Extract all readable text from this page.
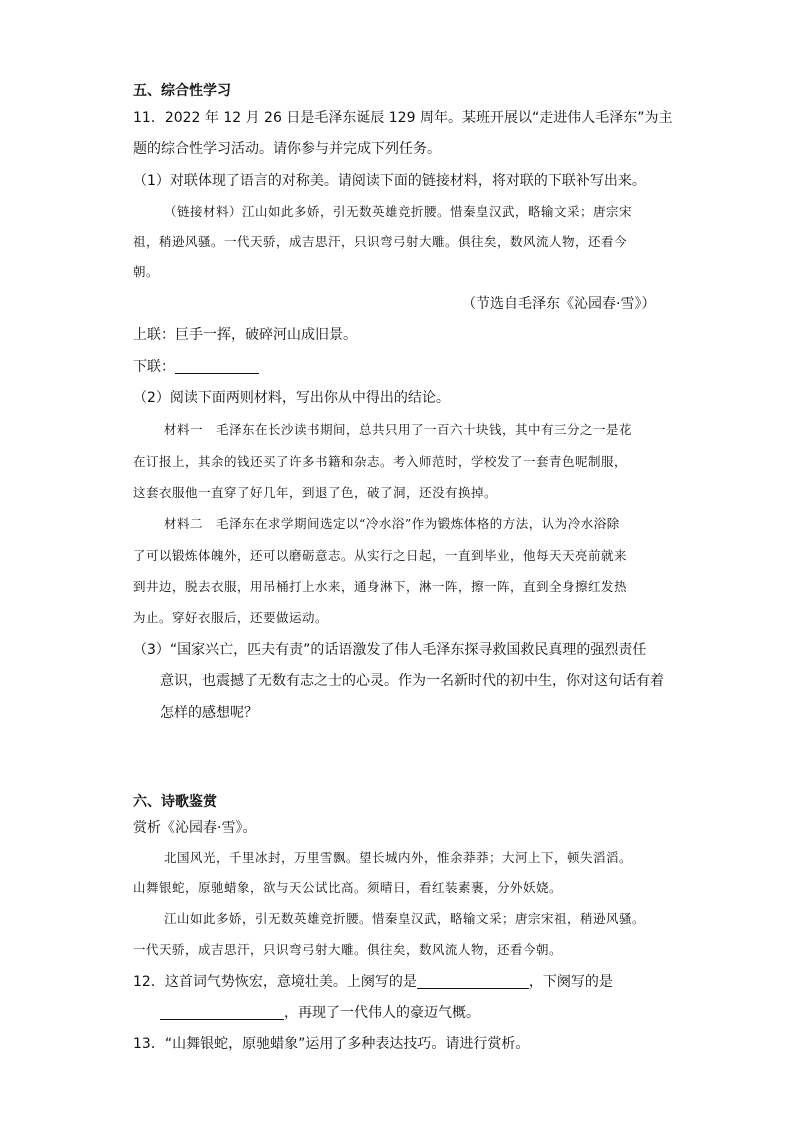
五、综合性学习
11．2022 年 12 月 26 日是毛泽东诞辰 129 周年。某班开展以“走进伟人毛泽东”为主
题的综合性学习活动。请你参与并完成下列任务。
（1）对联体现了语言的对称美。请阅读下面的链接材料，将对联的下联补写出来。
（链接材料）江山如此多娇，引无数英雄竞折腰。惜秦皇汉武，略输文采；唐宗宋
祖，稍逊风骚。一代天骄，成吉思汗，只识弯弓射大雕。俱往矣，数风流人物，还看今
朝。
（节选自毛泽东《沁园春·雪》）
上联：巨手一挥，破碎河山成旧景。
下联：
（2）阅读下面两则材料，写出你从中得出的结论。
材料一　毛泽东在长沙读书期间，总共只用了一百六十块钱，其中有三分之一是花
在订报上，其余的钱还买了许多书籍和杂志。考入师范时，学校发了一套青色呢制服，
这套衣服他一直穿了好几年，到退了色，破了洞，还没有换掉。
材料二　毛泽东在求学期间选定以“冷水浴”作为锻炼体格的方法，认为冷水浴除
了可以锻炼体魄外，还可以磨砺意志。从实行之日起，一直到毕业，他每天天亮前就来
到井边，脱去衣服，用吊桶打上水来，通身淋下，淋一阵，擦一阵，直到全身擦红发热
为止。穿好衣服后，还要做运动。
（3）“国家兴亡，匹夫有责”的话语激发了伟人毛泽东探寻救国救民真理的强烈责任
意识，也震撼了无数有志之士的心灵。作为一名新时代的初中生，你对这句话有着
怎样的感想呢？
六、诗歌鉴赏
赏析《沁园春·雪》。
北国风光，千里冰封，万里雪飘。望长城内外，惟余莽莽；大河上下，顿失滔滔。
山舞银蛇，原驰蜡象，欲与天公试比高。须晴日，看红装素裹，分外妖娆。
江山如此多娇，引无数英雄竞折腰。惜秦皇汉武，略输文采；唐宗宋祖，稍逊风骚。
一代天骄，成吉思汗，只识弯弓射大雕。俱往矣，数风流人物，还看今朝。
12．这首词气势恢宏，意境壮美。上阕写的是	，下阕写的是
，再现了一代伟人的豪迈气概。
13．“山舞银蛇，原驰蜡象”运用了多种表达技巧。请进行赏析。
